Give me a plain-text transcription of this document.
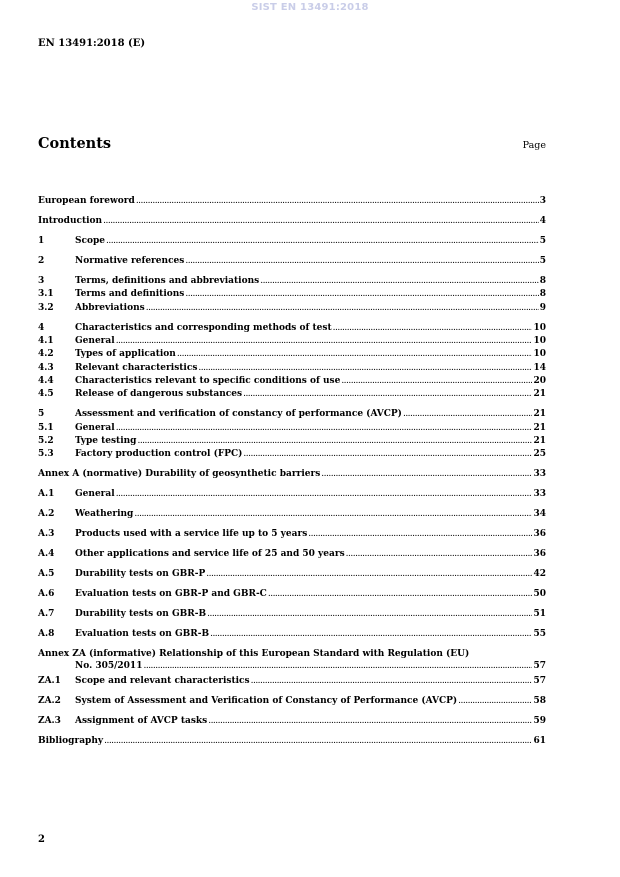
SIST EN 13491:2018
EN 13491:2018 (E)
Contents	Page
European foreword .....	3
Introduction .....	4
1	Scope .....	5
2	Normative references .....	5
3	Terms, definitions and abbreviations .....	8
3.1 Terms and definitions .....	8
3.2 Abbreviations .....	9
4	Characteristics and corresponding methods of test .....	10
4.1 General .....	10
4.2 Types of application .....	10
4.3 Relevant characteristics .....	14
4.4 Characteristics relevant to specific conditions of use .....	20
4.5 Release of dangerous substances .....	21
5	Assessment and verification of constancy of performance (AVCP) .....	21
5.1 General .....	21
5.2 Type testing .....	21
5.3 Factory production control (FPC) .....	25
Annex A (normative) Durability of geosynthetic barriers .....	33
A.1 General .....	33
A.2 Weathering .....	34
A.3 Products used with a service life up to 5 years .....	36
A.4 Other applications and service life of 25 and 50 years .....	36
A.5 Durability tests on GBR-P .....	42
A.6 Evaluation tests on GBR-P and GBR-C .....	50
A.7 Durability tests on GBR-B .....	51
A.8 Evaluation tests on GBR-B .....	55
Annex ZA (informative) Relationship of this European Standard with Regulation (EU)
No. 305/2011 .....	57
ZA.1 Scope and relevant characteristics .....	57
ZA.2 System of Assessment and Verification of Constancy of Performance (AVCP) .....	58
ZA.3 Assignment of AVCP tasks .....	59
Bibliography .....	61
2
